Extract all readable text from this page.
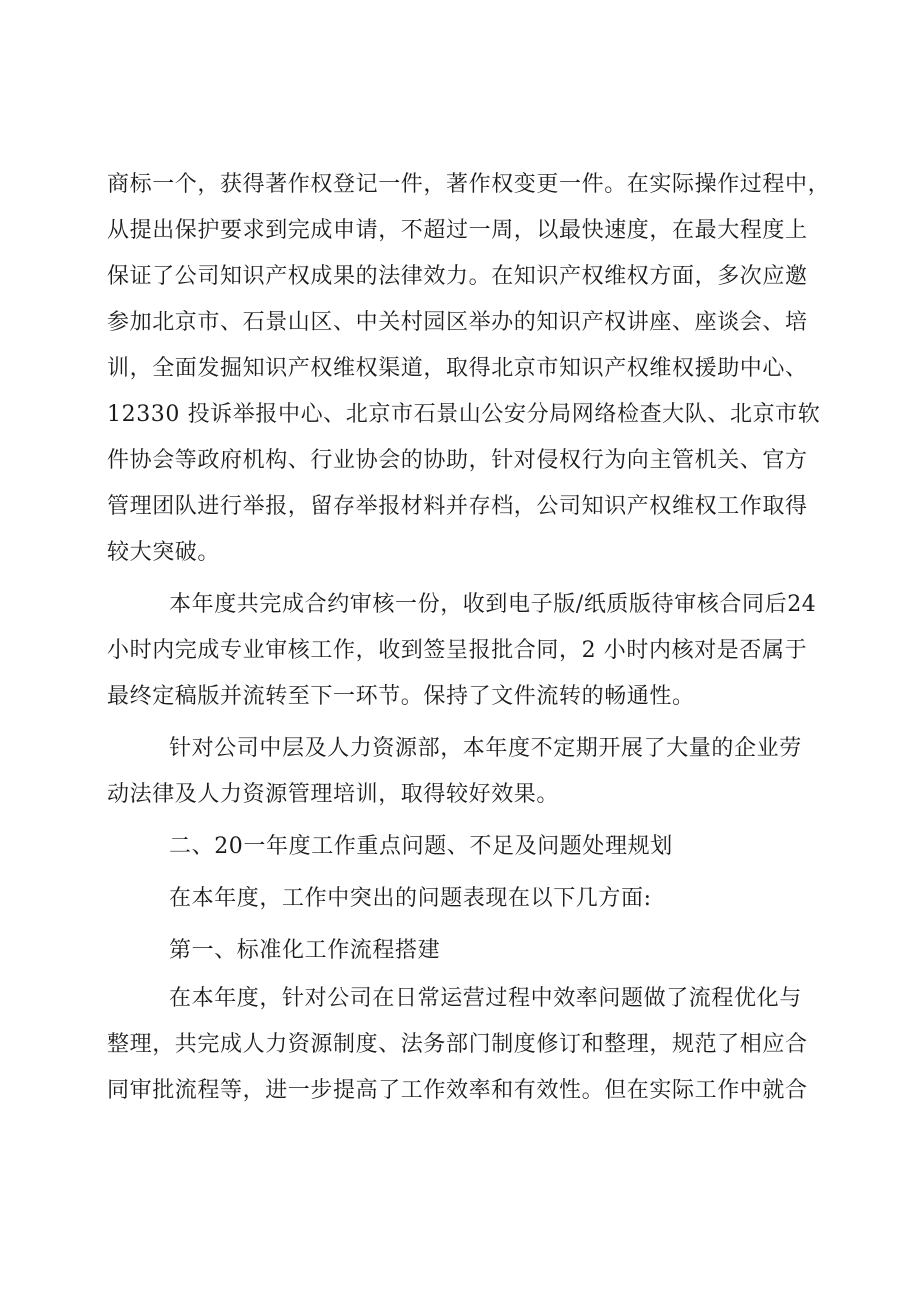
商标一个，获得著作权登记一件，著作权变更一件。在实际操作过程中，
从提出保护要求到完成申请，不超过一周，以最快速度，在最大程度上
保证了公司知识产权成果的法律效力。在知识产权维权方面，多次应邀
参加北京市、石景山区、中关村园区举办的知识产权讲座、座谈会、培
训，全面发掘知识产权维权渠道，取得北京市知识产权维权援助中心、
12330 投诉举报中心、北京市石景山公安分局网络检查大队、北京市软
件协会等政府机构、行业协会的协助，针对侵权行为向主管机关、官方
管理团队进行举报，留存举报材料并存档，公司知识产权维权工作取得
较大突破。
本年度共完成合约审核一份，收到电子版/纸质版待审核合同后24
小时内完成专业审核工作，收到签呈报批合同，2 小时内核对是否属于
最终定稿版并流转至下一环节。保持了文件流转的畅通性。
针对公司中层及人力资源部，本年度不定期开展了大量的企业劳
动法律及人力资源管理培训，取得较好效果。
二、20一年度工作重点问题、不足及问题处理规划
在本年度，工作中突出的问题表现在以下几方面:
第一、标准化工作流程搭建
在本年度，针对公司在日常运营过程中效率问题做了流程优化与
整理，共完成人力资源制度、法务部门制度修订和整理，规范了相应合
同审批流程等，进一步提高了工作效率和有效性。但在实际工作中就合
